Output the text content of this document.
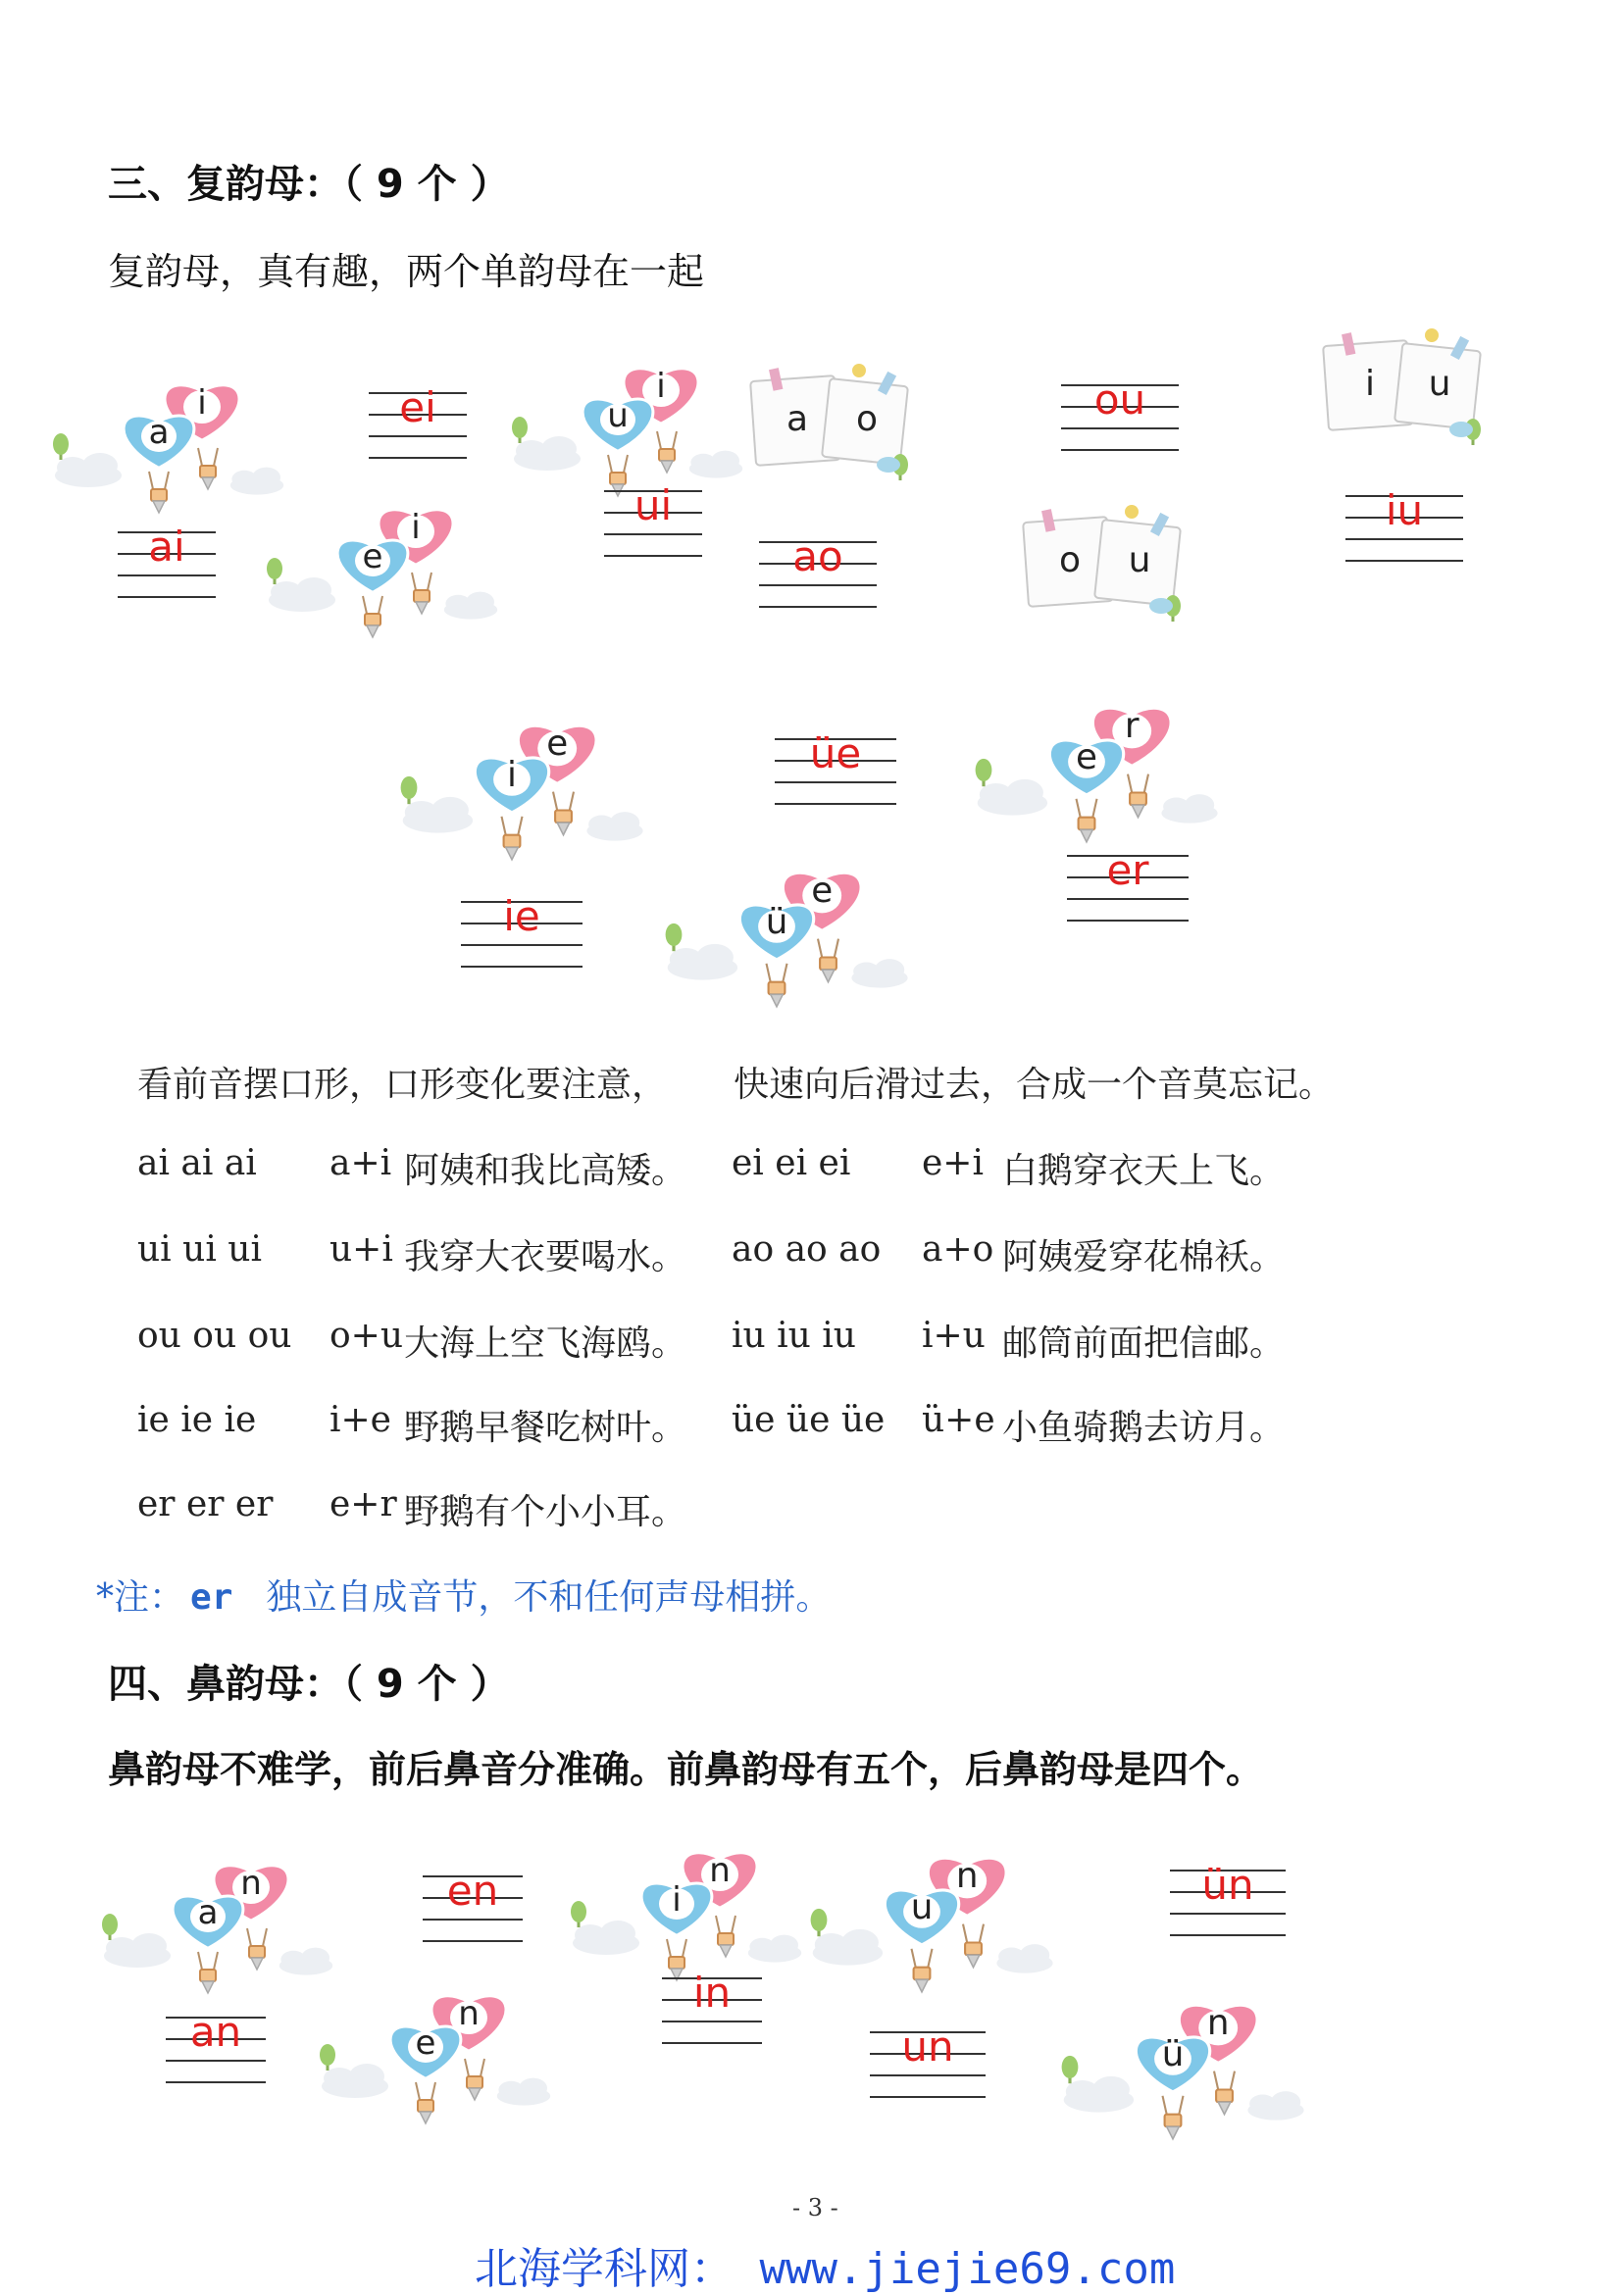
三、复韵母：（ 9 个 ）
复韵母，真有趣，两个单韵母在一起
ai
ei
ui
ao
ou
iu
ie
üe
er
an
en
in
un
ün
a
i
e
i
u
i
a	o
o	u
i	u
i
e
ü
e
e
r
a
n
e
n
i
n
u
n
ü
n
看前音摆口形，口形变化要注意， 快速向后滑过去，合成一个音莫忘记。
ai ai ai a+i 阿姨和我比高矮。 ei ei ei e+i 白鹅穿衣天上飞。
ui ui ui u+i 我穿大衣要喝水。 ao ao ao a+o 阿姨爱穿花棉袄。
ou ou ou o+u 大海上空飞海鸥。 iu iu iu i+u 邮筒前面把信邮。
ie ie ie i+e 野鹅早餐吃树叶。 üe üe üe ü+e 小鱼骑鹅去访月。
er er er e+r 野鹅有个小小耳。
*注： er 独立自成音节，不和任何声母相拼。
四、鼻韵母：（ 9 个 ）
鼻韵母不难学，前后鼻音分准确。前鼻韵母有五个，后鼻韵母是四个。
- 3 -
北海学科网： www.jiejie69.com
